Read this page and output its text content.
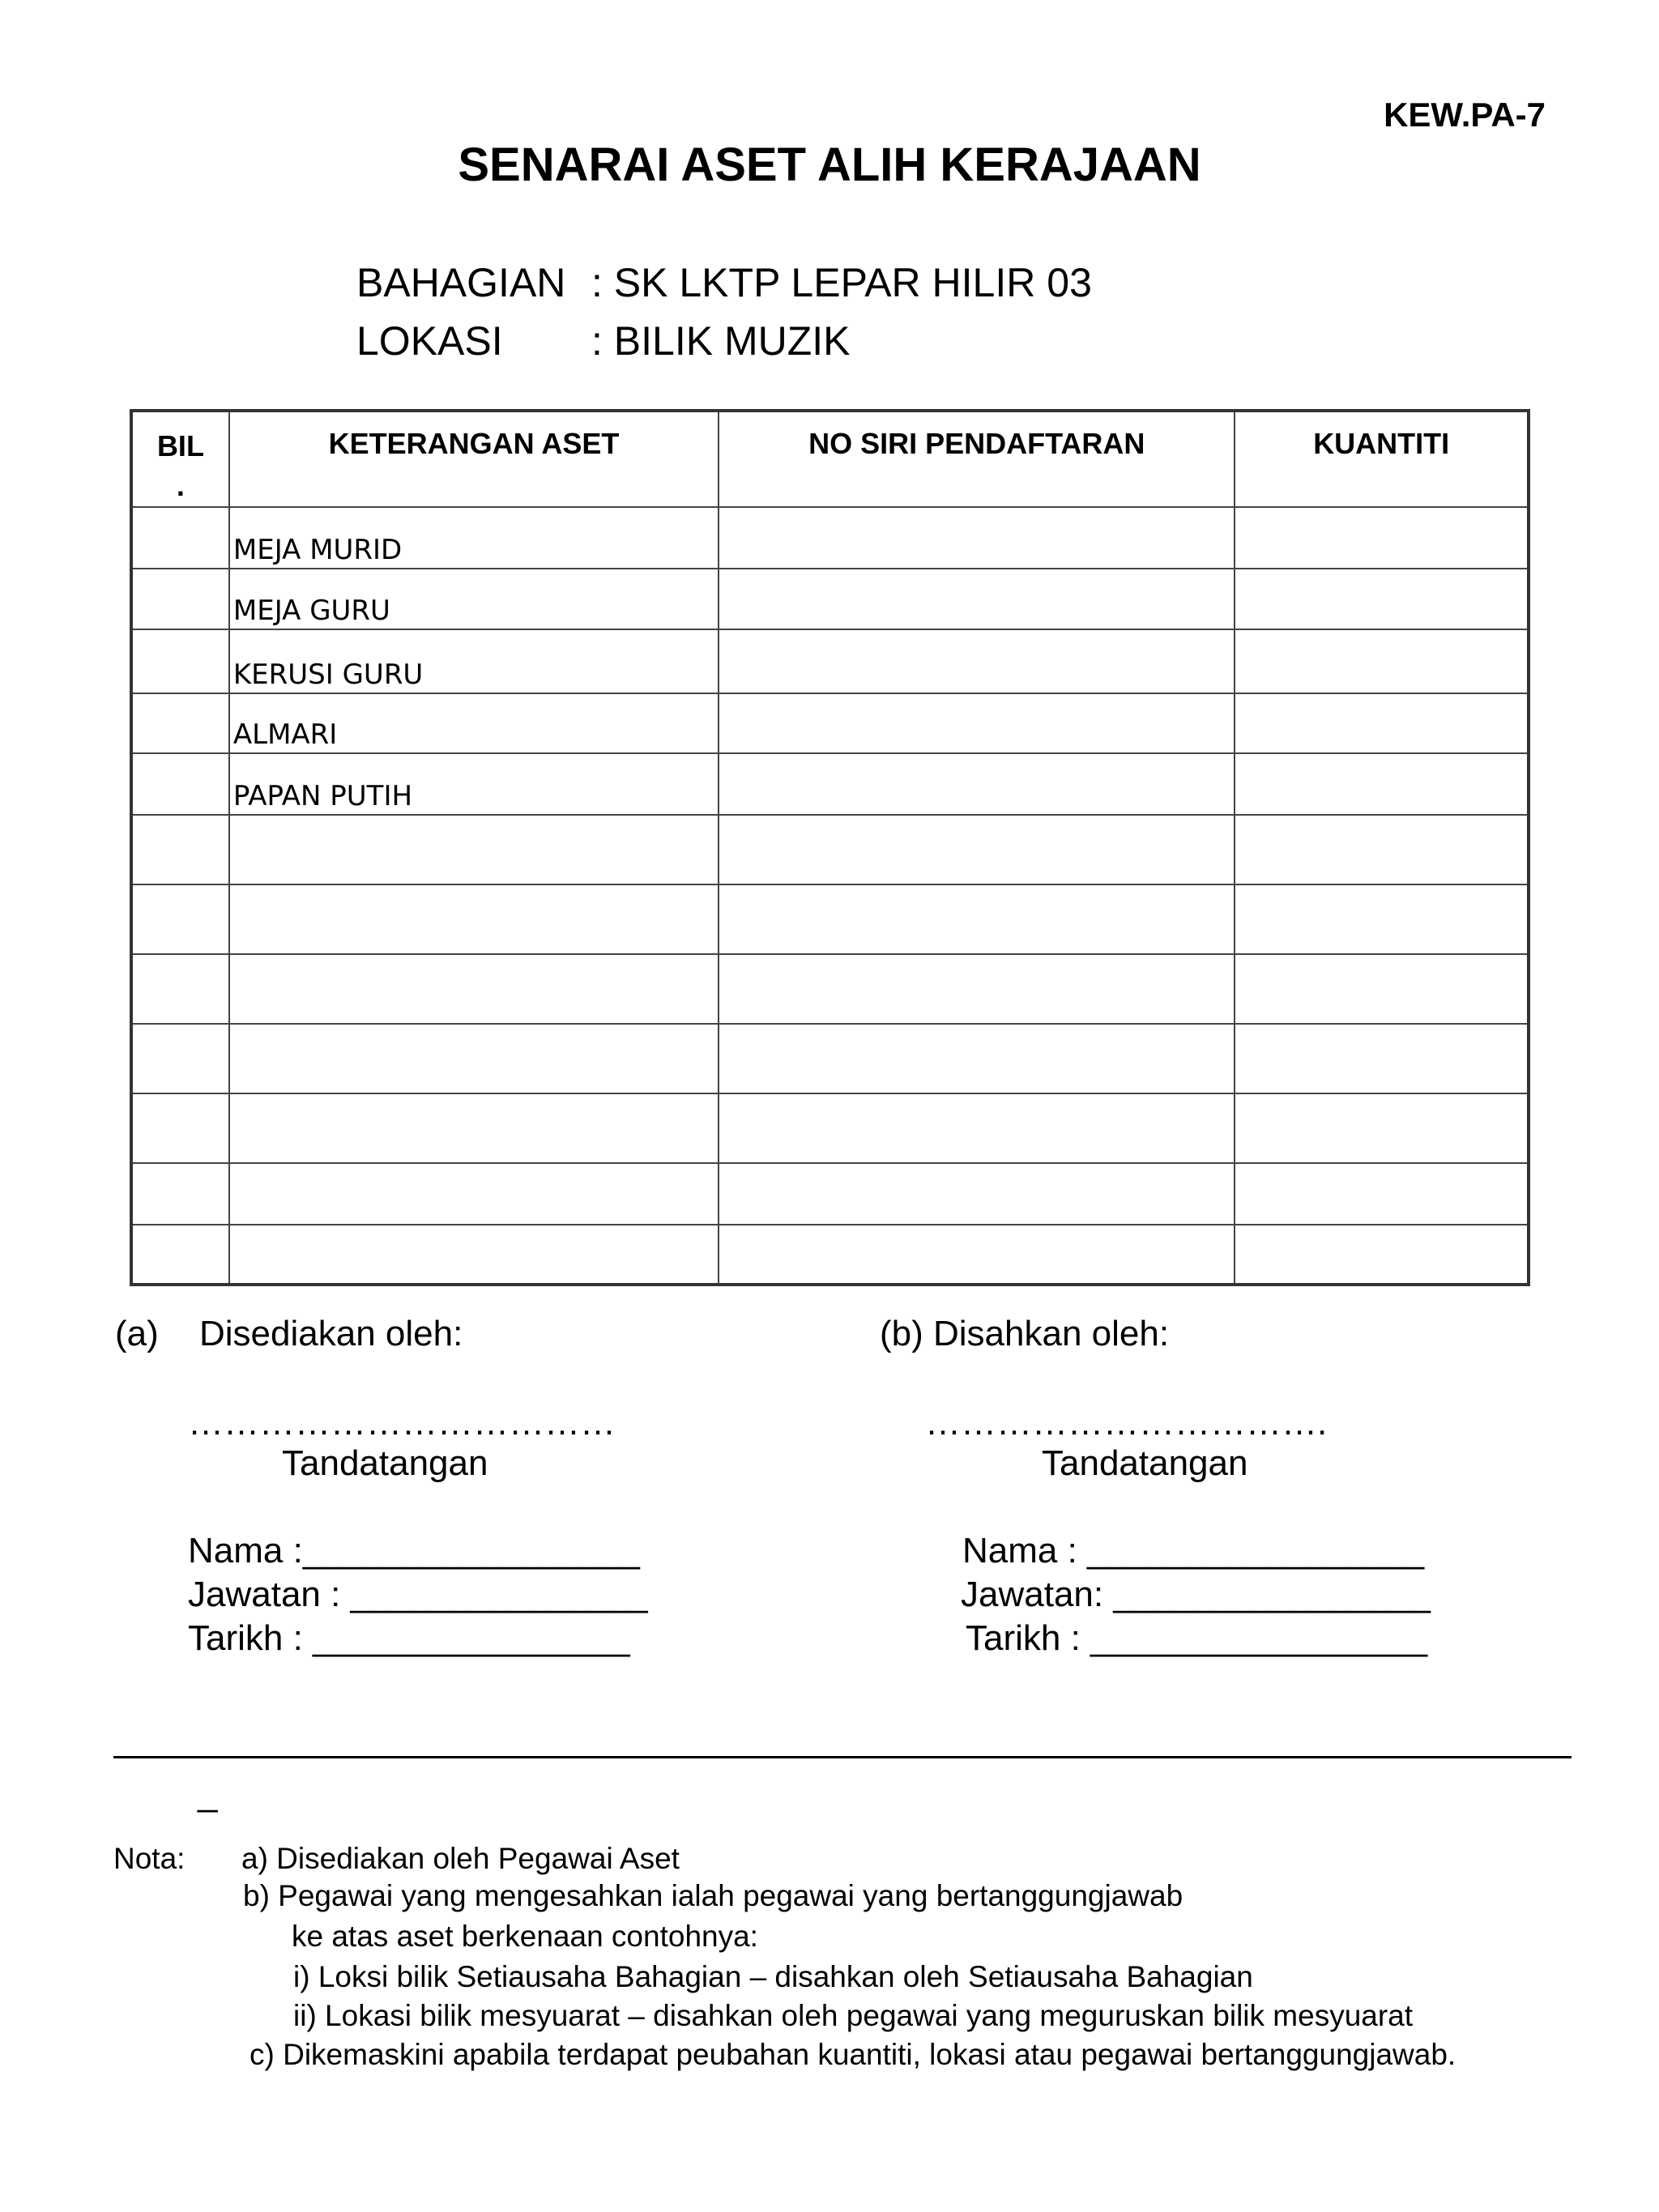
KEW.PA-7
SENARAI ASET ALIH KERAJAAN
BAHAGIAN : SK LKTP LEPAR HILIR 03
LOKASI : BILIK MUZIK
BIL
.	KETERANGAN ASET	NO SIRI PENDAFTARAN	KUANTITI
	MEJA MURID		
	MEJA GURU		
	KERUSI GURU		
	ALMARI		
	PAPAN PUTIH		

(a) Disediakan oleh:
………………………………
Tandatangan
Nama :_________________
Jawatan : _______________
Tarikh : ________________
(b) Disahkan oleh:
…………………………….
Tandatangan
Nama : _________________
Jawatan: ________________
Tarikh : _________________
_
Nota: a) Disediakan oleh Pegawai Aset
b) Pegawai yang mengesahkan ialah pegawai yang bertanggungjawab
ke atas aset berkenaan contohnya:
i) Loksi bilik Setiausaha Bahagian – disahkan oleh Setiausaha Bahagian
ii) Lokasi bilik mesyuarat – disahkan oleh pegawai yang meguruskan bilik mesyuarat
c) Dikemaskini apabila terdapat peubahan kuantiti, lokasi atau pegawai bertanggungjawab.
